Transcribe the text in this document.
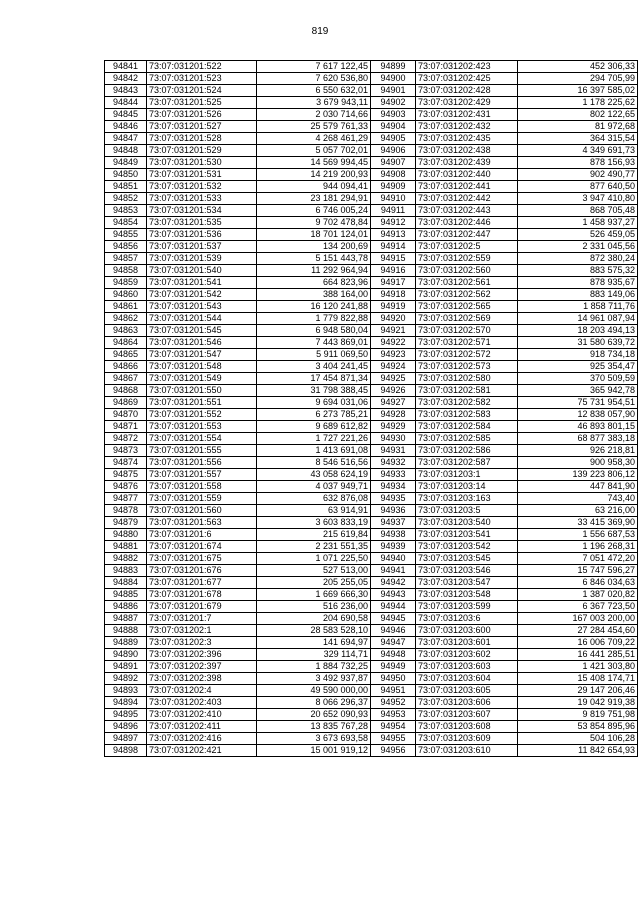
819
94841	73:07:031201:522	7 617 122,45
94842	73:07:031201:523	7 620 536,80
94843	73:07:031201:524	6 550 632,01
94844	73:07:031201:525	3 679 943,11
94845	73:07:031201:526	2 030 714,66
94846	73:07:031201:527	25 579 761,33
94847	73:07:031201:528	4 268 461,29
94848	73:07:031201:529	5 057 702,01
94849	73:07:031201:530	14 569 994,45
94850	73:07:031201:531	14 219 200,93
94851	73:07:031201:532	944 094,41
94852	73:07:031201:533	23 181 294,91
94853	73:07:031201:534	6 746 005,24
94854	73:07:031201:535	9 702 478,84
94855	73:07:031201:536	18 701 124,01
94856	73:07:031201:537	134 200,69
94857	73:07:031201:539	5 151 443,78
94858	73:07:031201:540	11 292 964,94
94859	73:07:031201:541	664 823,96
94860	73:07:031201:542	388 164,00
94861	73:07:031201:543	16 120 241,88
94862	73:07:031201:544	1 779 822,88
94863	73:07:031201:545	6 948 580,04
94864	73:07:031201:546	7 443 869,01
94865	73:07:031201:547	5 911 069,50
94866	73:07:031201:548	3 404 241,45
94867	73:07:031201:549	17 454 871,34
94868	73:07:031201:550	31 798 388,45
94869	73:07:031201:551	9 694 031,06
94870	73:07:031201:552	6 273 785,21
94871	73:07:031201:553	9 689 612,82
94872	73:07:031201:554	1 727 221,26
94873	73:07:031201:555	1 413 691,08
94874	73:07:031201:556	8 546 516,56
94875	73:07:031201:557	43 058 624,19
94876	73:07:031201:558	4 037 949,71
94877	73:07:031201:559	632 876,08
94878	73:07:031201:560	63 914,91
94879	73:07:031201:563	3 603 833,19
94880	73:07:031201:6	215 619,84
94881	73:07:031201:674	2 231 551,35
94882	73:07:031201:675	1 071 225,50
94883	73:07:031201:676	527 513,00
94884	73:07:031201:677	205 255,05
94885	73:07:031201:678	1 669 666,30
94886	73:07:031201:679	516 236,00
94887	73:07:031201:7	204 690,58
94888	73:07:031202:1	28 583 528,10
94889	73:07:031202:3	141 694,97
94890	73:07:031202:396	329 114,71
94891	73:07:031202:397	1 884 732,25
94892	73:07:031202:398	3 492 937,87
94893	73:07:031202:4	49 590 000,00
94894	73:07:031202:403	8 066 296,37
94895	73:07:031202:410	20 652 090,93
94896	73:07:031202:411	13 835 767,28
94897	73:07:031202:416	3 673 693,58
94898	73:07:031202:421	15 001 919,12
94899	73:07:031202:423	452 306,33
94900	73:07:031202:425	294 705,99
94901	73:07:031202:428	16 397 585,02
94902	73:07:031202:429	1 178 225,62
94903	73:07:031202:431	802 122,65
94904	73:07:031202:432	81 972,68
94905	73:07:031202:435	364 315,54
94906	73:07:031202:438	4 349 691,73
94907	73:07:031202:439	878 156,93
94908	73:07:031202:440	902 490,77
94909	73:07:031202:441	877 640,50
94910	73:07:031202:442	3 947 410,80
94911	73:07:031202:443	868 705,48
94912	73:07:031202:446	1 458 937,27
94913	73:07:031202:447	526 459,05
94914	73:07:031202:5	2 331 045,56
94915	73:07:031202:559	872 380,24
94916	73:07:031202:560	883 575,32
94917	73:07:031202:561	878 935,67
94918	73:07:031202:562	883 149,06
94919	73:07:031202:565	1 858 711,76
94920	73:07:031202:569	14 961 087,94
94921	73:07:031202:570	18 203 494,13
94922	73:07:031202:571	31 580 639,72
94923	73:07:031202:572	918 734,18
94924	73:07:031202:573	925 354,47
94925	73:07:031202:580	370 509,59
94926	73:07:031202:581	365 942,78
94927	73:07:031202:582	75 731 954,51
94928	73:07:031202:583	12 838 057,90
94929	73:07:031202:584	46 893 801,15
94930	73:07:031202:585	68 877 383,18
94931	73:07:031202:586	926 218,81
94932	73:07:031202:587	900 958,30
94933	73:07:031203:1	139 223 806,12
94934	73:07:031203:14	447 841,90
94935	73:07:031203:163	743,40
94936	73:07:031203:5	63 216,00
94937	73:07:031203:540	33 415 369,90
94938	73:07:031203:541	1 556 687,53
94939	73:07:031203:542	1 196 268,31
94940	73:07:031203:545	7 051 472,20
94941	73:07:031203:546	15 747 596,27
94942	73:07:031203:547	6 846 034,63
94943	73:07:031203:548	1 387 020,82
94944	73:07:031203:599	6 367 723,50
94945	73:07:031203:6	167 003 200,00
94946	73:07:031203:600	27 284 454,60
94947	73:07:031203:601	16 006 709,22
94948	73:07:031203:602	16 441 285,51
94949	73:07:031203:603	1 421 303,80
94950	73:07:031203:604	15 408 174,71
94951	73:07:031203:605	29 147 206,46
94952	73:07:031203:606	19 042 919,38
94953	73:07:031203:607	9 819 751,98
94954	73:07:031203:608	53 854 895,96
94955	73:07:031203:609	504 106,28
94956	73:07:031203:610	11 842 654,93
